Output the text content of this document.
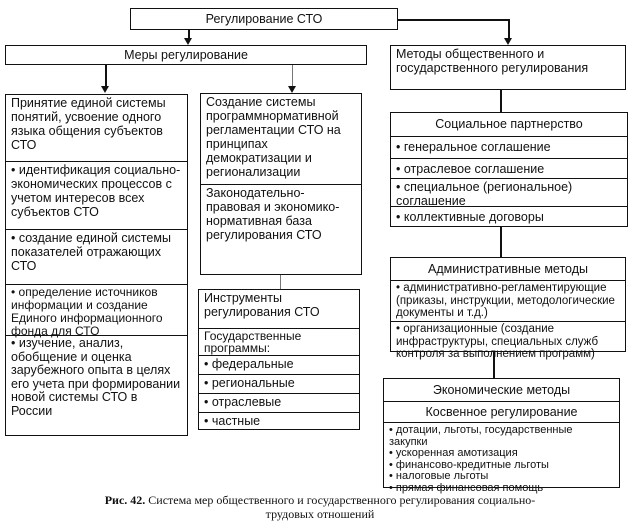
Регулирование СТО
Меры регулирование
Принятие единой системы понятий, усвоение одного языка общения субъектов СТО
• идентификация социально-экономических процессов с учетом интересов всех субъектов СТО
• создание единой системы показателей отражающих СТО
• определение источников информации и создание Единого информационного фонда для СТО
• изучение, анализ, обобщение и оценка зарубежного опыта в целях его учета при формировании новой системы СТО в России
Создание системы программнормативной регламентации СТО на принципах демократизации и регионализации
Законодательно-правовая и экономико-нормативная база регулирования СТО
Инструменты регулирования СТО
Государственные программы:
• федеральные
• региональные
• отраслевые
• частные
Методы общественного и государственного регулирования
Социальное партнерство
• генеральное соглашение
• отраслевое соглашение
• специальное (региональное) соглашение
• коллективные договоры
Административные методы
• административно-регламентирующие (приказы, инструкции, методологические документы и т.д.)
• организационные (создание инфраструктуры, специальных служб контроля за выполнением программ)
Экономические методы
Косвенное регулирование
• дотации, льготы, государственные закупки
• ускоренная амотизация
• финансово-кредитные льготы
• налоговые льготы
• прямая финансовая помощь
Рис. 42. Система мер общественного и государственного регулирования социально-трудовых отношений
